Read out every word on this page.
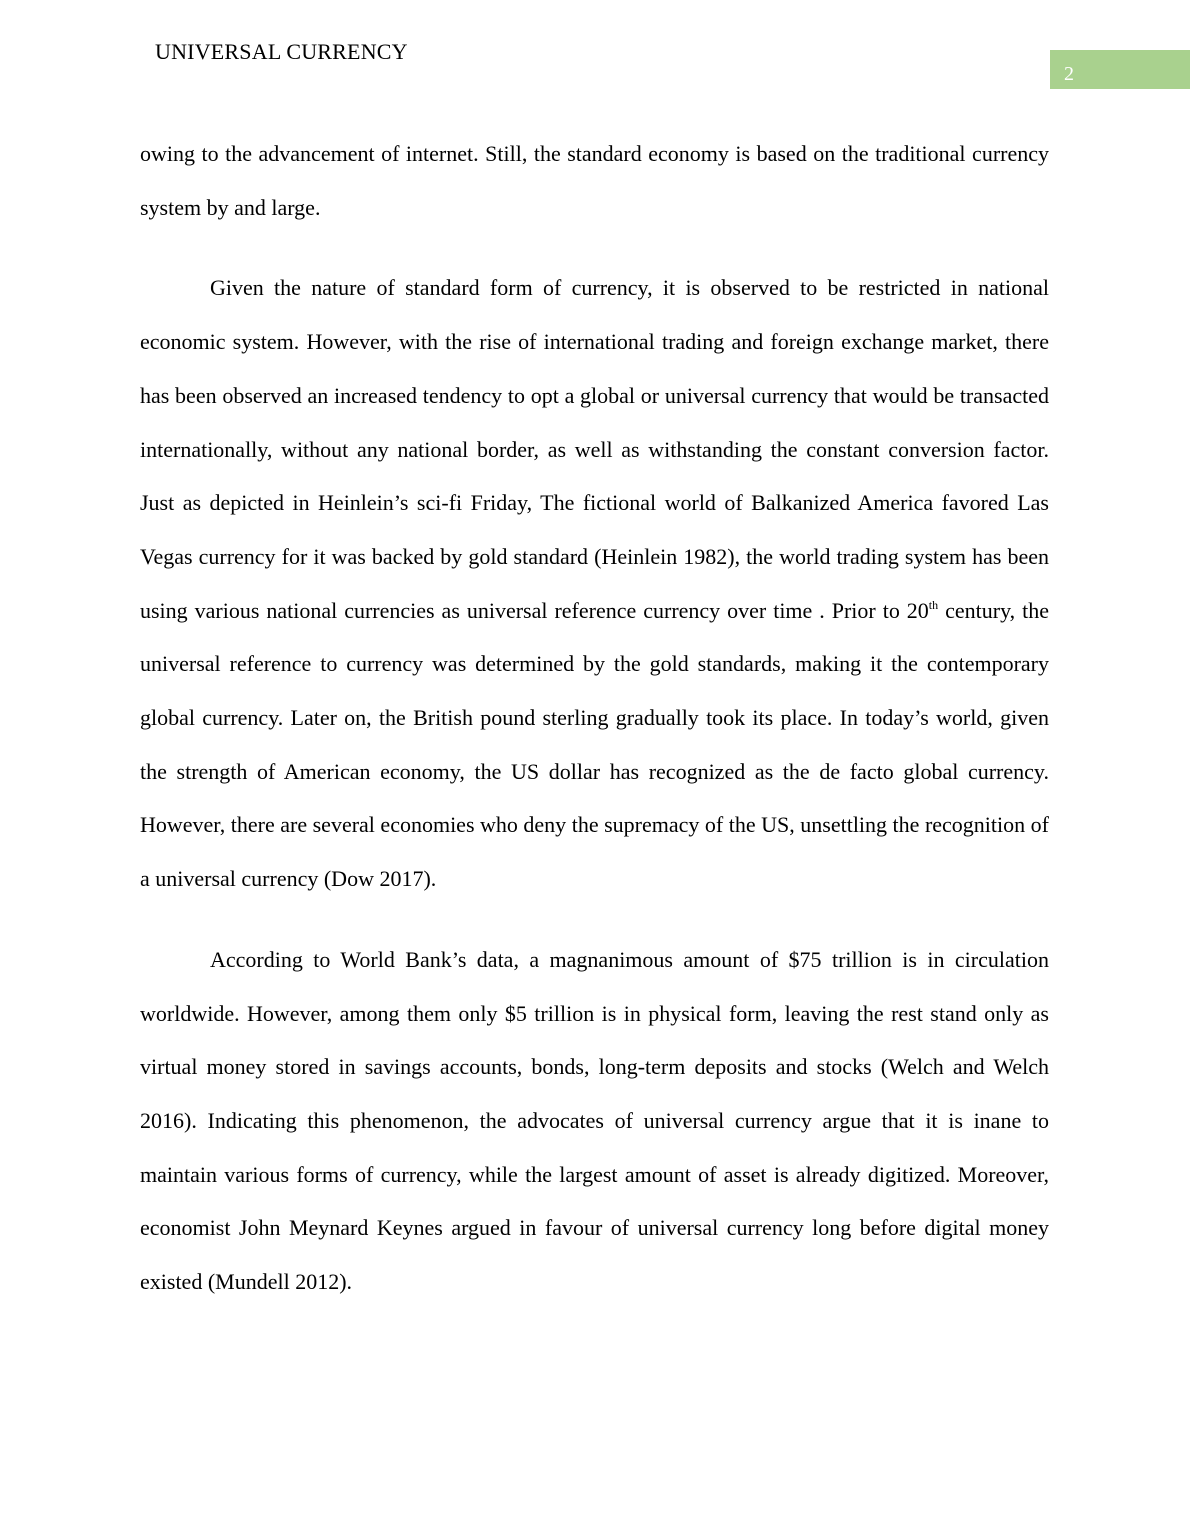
UNIVERSAL CURRENCY
2

owing to the advancement of internet. Still, the standard economy is based on the traditional currency system by and large.

Given the nature of standard form of currency, it is observed to be restricted in national economic system. However, with the rise of international trading and foreign exchange market, there has been observed an increased tendency to opt a global or universal currency that would be transacted internationally, without any national border, as well as withstanding the constant conversion factor. Just as depicted in Heinlein’s sci-fi Friday, The fictional world of Balkanized America favored Las Vegas currency for it was backed by gold standard (Heinlein 1982), the world trading system has been using various national currencies as universal reference currency over time . Prior to 20th century, the universal reference to currency was determined by the gold standards, making it the contemporary global currency. Later on, the British pound sterling gradually took its place. In today’s world, given the strength of American economy, the US dollar has recognized as the de facto global currency. However, there are several economies who deny the supremacy of the US, unsettling the recognition of a universal currency (Dow 2017).

According to World Bank’s data, a magnanimous amount of $75 trillion is in circulation worldwide. However, among them only $5 trillion is in physical form, leaving the rest stand only as virtual money stored in savings accounts, bonds, long-term deposits and stocks (Welch and Welch 2016). Indicating this phenomenon, the advocates of universal currency argue that it is inane to maintain various forms of currency, while the largest amount of asset is already digitized. Moreover, economist John Meynard Keynes argued in favour of universal currency long before digital money existed (Mundell 2012).
